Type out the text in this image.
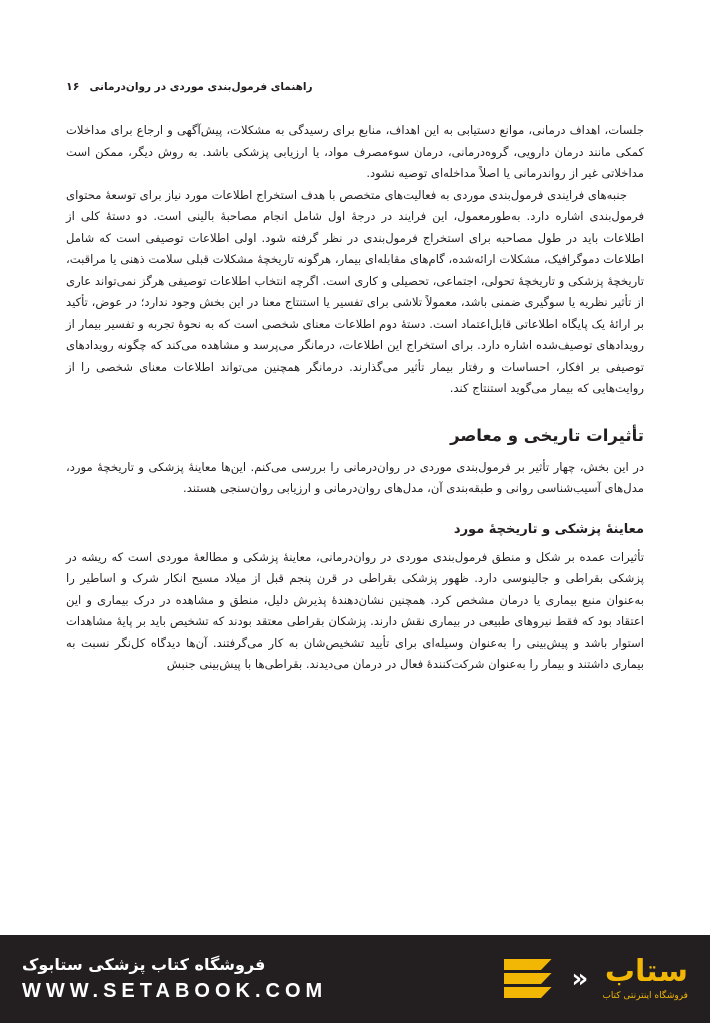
راهنمای فرمول‌بندی موردی در روان‌درمانی
۱۶

جلسات، اهداف درمانی، موانع دستیابی به این اهداف، منابع برای رسیدگی به مشکلات، پیش‌آگهی و ارجاع برای مداخلات کمکی مانند درمان دارویی، گروه‌درمانی، درمان سوء‌مصرف مواد، یا ارزیابی پزشکی باشد. به روش دیگر، ممکن است مداخلاتی غیر از رواندرمانی یا اصلاً مداخله‌ای توصیه نشود.

جنبه‌های فرایندی فرمول‌بندی موردی به فعالیت‌های متخصص با هدف استخراج اطلاعات مورد نیاز برای توسعهٔ محتوای فرمول‌بندی اشاره دارد. به‌طورمعمول، این فرایند در درجهٔ اول شامل انجام مصاحبهٔ بالینی است. دو دستهٔ کلی از اطلاعات باید در طول مصاحبه برای استخراج فرمول‌بندی در نظر گرفته شود. اولی اطلاعات توصیفی است که شامل اطلاعات دموگرافیک، مشکلات ارائه‌شده، گام‌های مقابله‌ای بیمار، هرگونه تاریخچهٔ مشکلات قبلی سلامت ذهنی یا مراقبت، تاریخچهٔ پزشکی و تاریخچهٔ تحولی، اجتماعی، تحصیلی و کاری است. اگرچه انتخاب اطلاعات توصیفی هرگز نمی‌تواند عاری از تأثیر نظریه یا سوگیری ضمنی باشد، معمولاً تلاشی برای تفسیر یا استنتاج معنا در این بخش وجود ندارد؛ در عوض، تأکید بر ارائهٔ یک پایگاه اطلاعاتی قابل‌اعتماد است. دستهٔ دوم اطلاعات معنای شخصی است که به نحوهٔ تجربه و تفسیر بیمار از رویدادهای توصیف‌شده اشاره دارد. برای استخراج این اطلاعات، درمانگر می‌پرسد و مشاهده می‌کند که چگونه رویدادهای توصیفی بر افکار، احساسات و رفتار بیمار تأثیر می‌گذارند. درمانگر همچنین می‌تواند اطلاعات معنای شخصی را از روایت‌هایی که بیمار می‌گوید استنتاج کند.

تأثیرات تاریخی و معاصر

در این بخش، چهار تأثیر بر فرمول‌بندی موردی در روان‌درمانی را بررسی می‌کنم. این‌ها معاینهٔ پزشکی و تاریخچهٔ مورد، مدل‌های آسیب‌شناسی روانی و طبقه‌بندی آن، مدل‌های روان‌درمانی و ارزیابی روان‌سنجی هستند.

معاینهٔ پزشکی و تاریخچهٔ مورد

تأثیرات عمده بر شکل و منطق فرمول‌بندی موردی در روان‌درمانی، معاینهٔ پزشکی و مطالعهٔ موردی است که ریشه در پزشکی بقراطی و جالینوسی دارد. ظهور پزشکی بقراطی در قرن پنجم قبل از میلاد مسیح انکار شرک و اساطیر را به‌عنوان منبع بیماری یا درمان مشخص کرد. همچنین نشان‌دهندهٔ پذیرش دلیل، منطق و مشاهده در درک بیماری و این اعتقاد بود که فقط نیروهای طبیعی در بیماری نقش دارند. پزشکان بقراطی معتقد بودند که تشخیص باید بر پایهٔ مشاهدات استوار باشد و پیش‌بینی را به‌عنوان وسیله‌ای برای تأیید تشخیص‌شان به کار می‌گرفتند. آن‌ها دیدگاه کل‌نگر نسبت به بیماری داشتند و بیمار را به‌عنوان شرکت‌کنندهٔ فعال در درمان می‌دیدند. بقراطی‌ها با پیش‌بینی جنبش

فروشگاه کتاب پزشکی ستابوک
WWW.SETABOOK.COM
ستاب
فروشگاه اینترنتی کتاب
«
